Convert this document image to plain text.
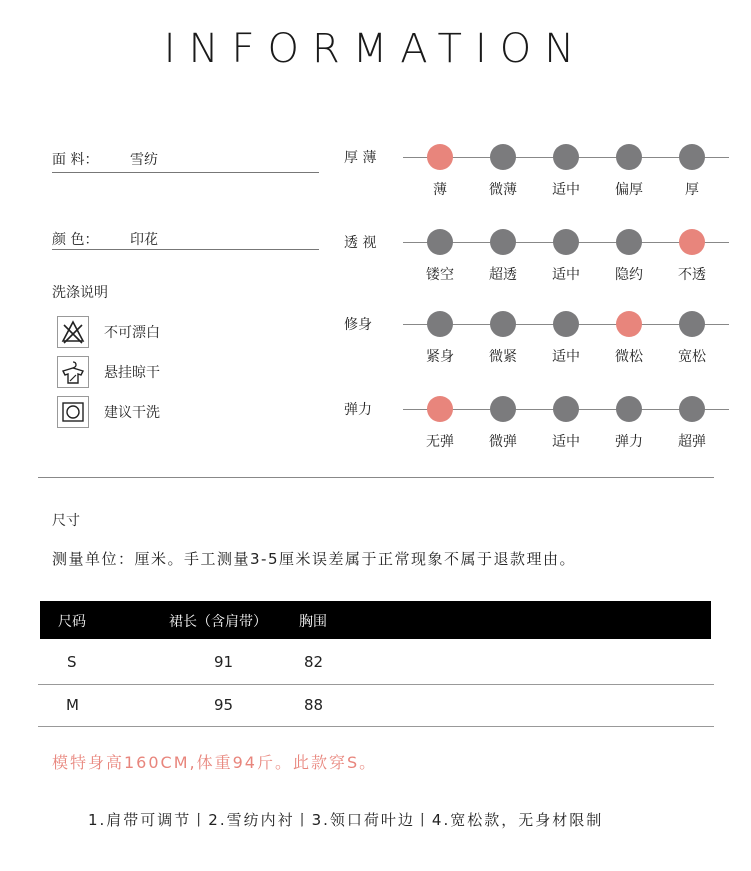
INFORMATION
面 料： 雪纺
颜 色： 印花
洗涤说明
不可漂白
悬挂晾干
建议干洗
厚 薄
薄	微薄	适中	偏厚	厚
透 视
镂空	超透	适中	隐约	不透
修身
紧身	微紧	适中	微松	宽松
弹力
无弹	微弹	适中	弹力	超弹
尺寸
测量单位：厘米。手工测量3-5厘米误差属于正常现象不属于退款理由。
尺码	裙长（含肩带） 胸围
S	91	82
M	95	88
模特身高160CM,体重94斤。此款穿S。
1.肩带可调节丨2.雪纺内衬丨3.领口荷叶边丨4.宽松款，无身材限制
